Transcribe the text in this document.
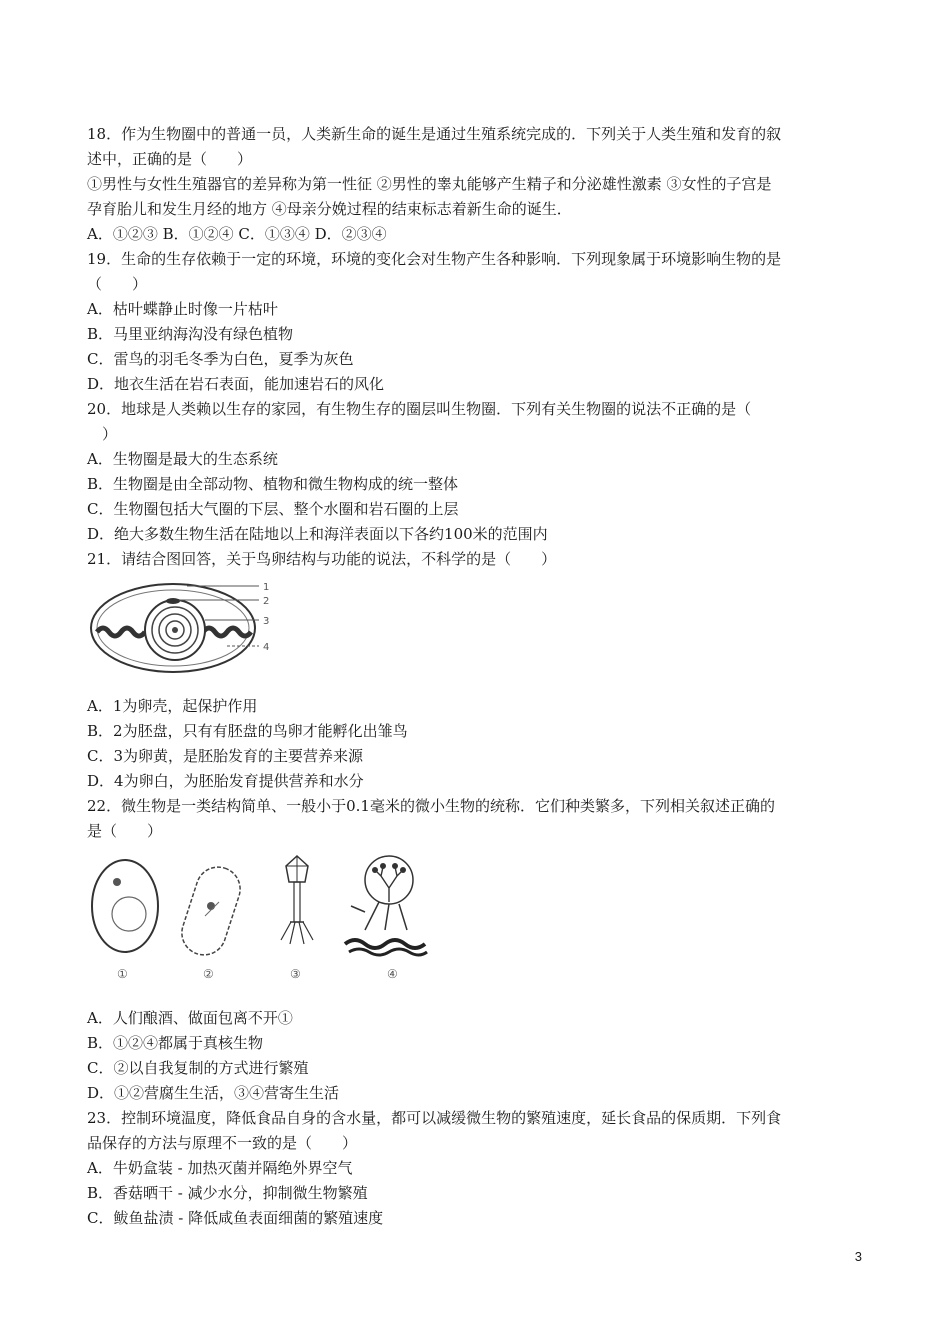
18．作为生物圈中的普通一员，人类新生命的诞生是通过生殖系统完成的．下列关于人类生殖和发育的叙
述中，正确的是（　　）
①男性与女性生殖器官的差异称为第一性征 ②男性的睾丸能够产生精子和分泌雄性激素 ③女性的子宫是
孕育胎儿和发生月经的地方 ④母亲分娩过程的结束标志着新生命的诞生．
A．①②③ B．①②④ C．①③④ D．②③④
19．生命的生存依赖于一定的环境，环境的变化会对生物产生各种影响．下列现象属于环境影响生物的是
（　　）
A．枯叶蝶静止时像一片枯叶
B．马里亚纳海沟没有绿色植物
C．雷鸟的羽毛冬季为白色，夏季为灰色
D．地衣生活在岩石表面，能加速岩石的风化
20．地球是人类赖以生存的家园，有生物生存的圈层叫生物圈．下列有关生物圈的说法不正确的是（
　）
A．生物圈是最大的生态系统
B．生物圈是由全部动物、植物和微生物构成的统一整体
C．生物圈包括大气圈的下层、整个水圈和岩石圈的上层
D．绝大多数生物生活在陆地以上和海洋表面以下各约100米的范围内
21．请结合图回答，关于鸟卵结构与功能的说法，不科学的是（　　）
1
2
3
4
A．1为卵壳，起保护作用
B．2为胚盘，只有有胚盘的鸟卵才能孵化出雏鸟
C．3为卵黄，是胚胎发育的主要营养来源
D．4为卵白，为胚胎发育提供营养和水分
22．微生物是一类结构简单、一般小于0.1毫米的微小生物的统称．它们种类繁多，下列相关叙述正确的
是（　　）
①	②	③	④
A．人们酿酒、做面包离不开①
B．①②④都属于真核生物
C．②以自我复制的方式进行繁殖
D．①②营腐生生活，③④营寄生生活
23．控制环境温度，降低食品自身的含水量，都可以减缓微生物的繁殖速度，延长食品的保质期．下列食
品保存的方法与原理不一致的是（　　）
A．牛奶盒装 - 加热灭菌并隔绝外界空气
B．香菇晒干 - 减少水分，抑制微生物繁殖
C．鲅鱼盐渍 - 降低咸鱼表面细菌的繁殖速度
3
